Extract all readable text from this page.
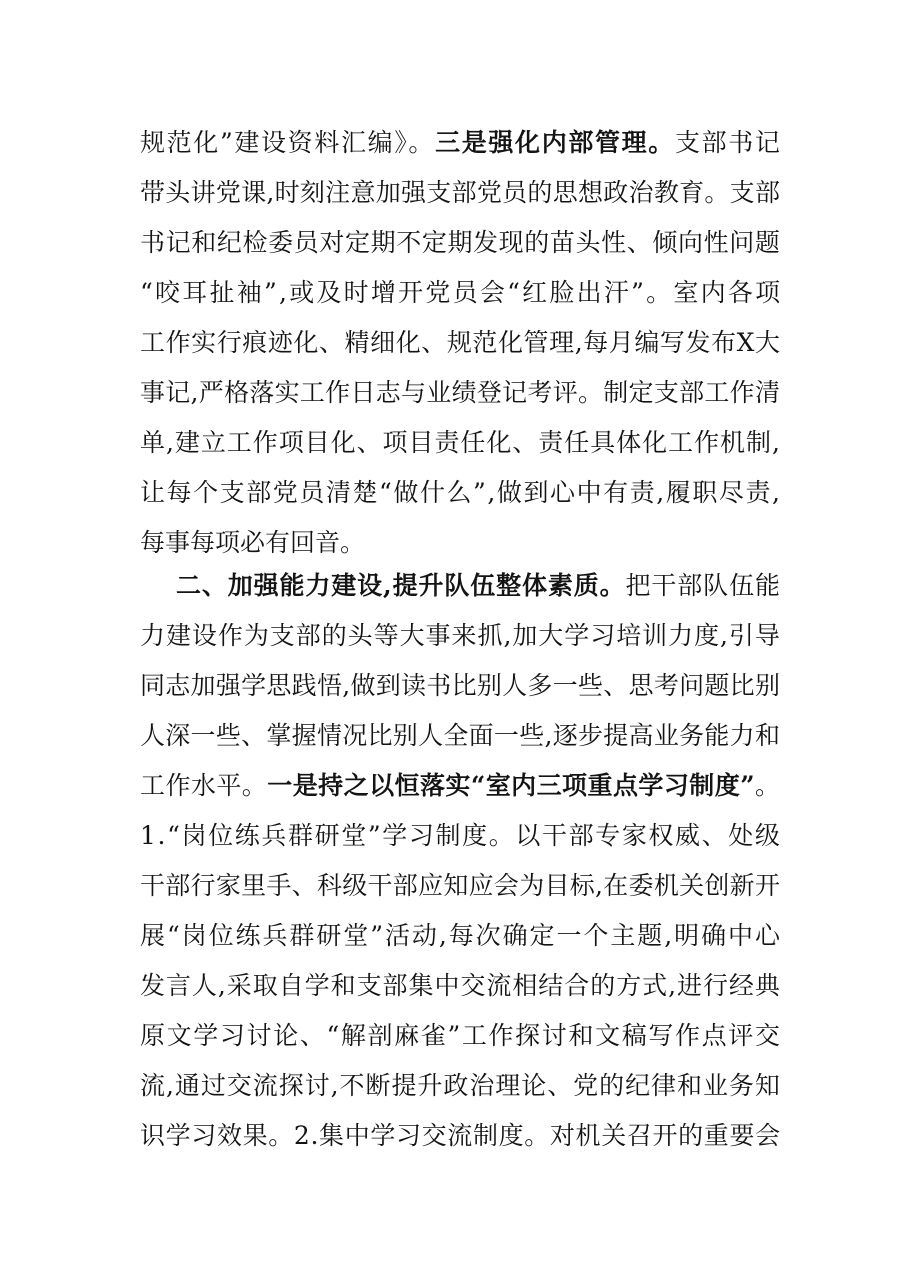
规范化”建设资料汇编》。三是强化内部管理。支部书记
带头讲党课,时刻注意加强支部党员的思想政治教育。支部
书记和纪检委员对定期不定期发现的苗头性、倾向性问题
“咬耳扯袖”,或及时增开党员会“红脸出汗”。室内各项
工作实行痕迹化、精细化、规范化管理,每月编写发布X大
事记,严格落实工作日志与业绩登记考评。制定支部工作清
单,建立工作项目化、项目责任化、责任具体化工作机制,
让每个支部党员清楚“做什么”,做到心中有责,履职尽责,
每事每项必有回音。
二、加强能力建设,提升队伍整体素质。把干部队伍能
力建设作为支部的头等大事来抓,加大学习培训力度,引导
同志加强学思践悟,做到读书比别人多一些、思考问题比别
人深一些、掌握情况比别人全面一些,逐步提高业务能力和
工作水平。一是持之以恒落实“室内三项重点学习制度”。
1.“岗位练兵群研堂”学习制度。以干部专家权威、处级
干部行家里手、科级干部应知应会为目标,在委机关创新开
展“岗位练兵群研堂”活动,每次确定一个主题,明确中心
发言人,采取自学和支部集中交流相结合的方式,进行经典
原文学习讨论、“解剖麻雀”工作探讨和文稿写作点评交
流,通过交流探讨,不断提升政治理论、党的纪律和业务知
识学习效果。2.集中学习交流制度。对机关召开的重要会
